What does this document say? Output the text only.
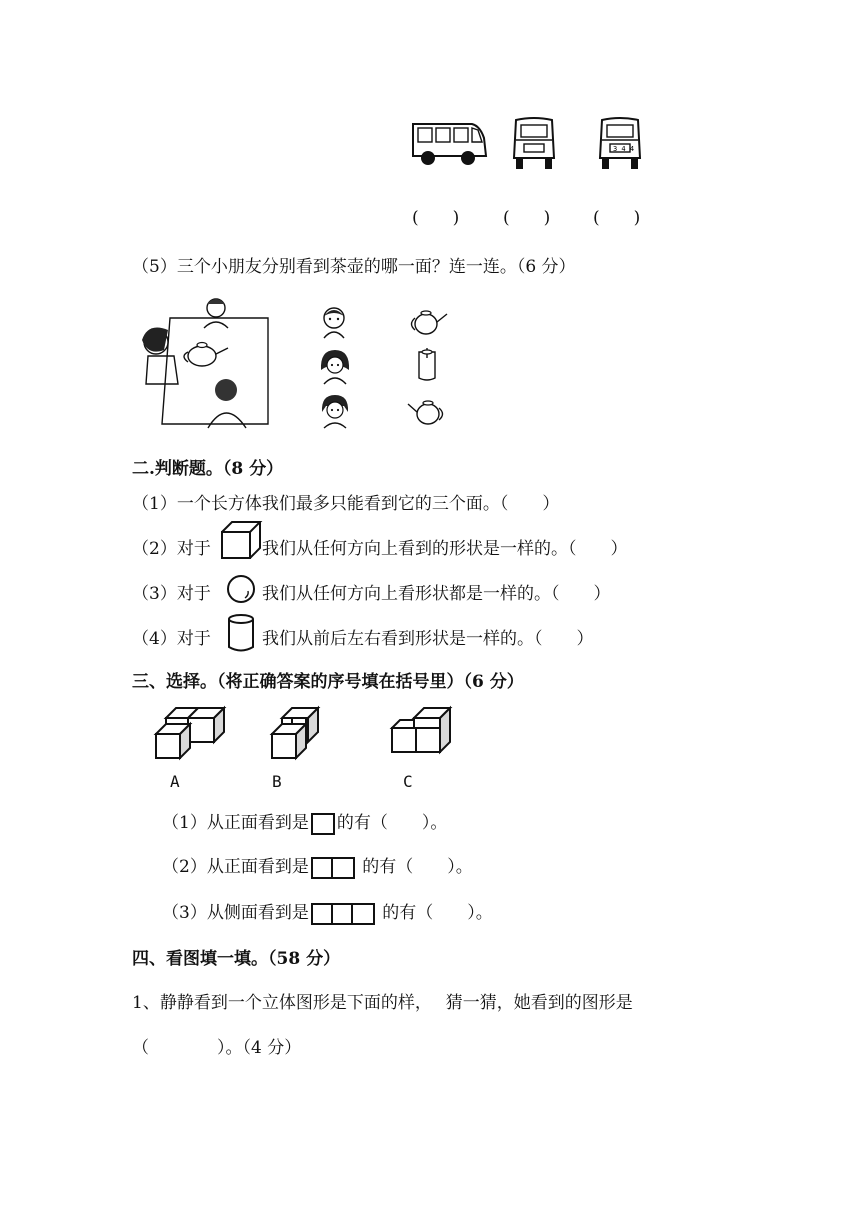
3 4 4
(　　)	(　　)	(　　)
（5）三个小朋友分别看到茶壶的哪一面？连一连。（6 分）
二.判断题。（8 分）
（1）一个长方体我们最多只能看到它的三个面。（　　）
（2）对于	我们从任何方向上看到的形状是一样的。（　　）
（3）对于	我们从任何方向上看形状都是一样的。（　　）
（4）对于	我们从前后左右看到形状是一样的。（　　）
三、选择。（将正确答案的序号填在括号里）（6 分）
A	B	C
（1）从正面看到是 的有（　　）。
（2）从正面看到是	的有（　　）。
（3）从侧面看到是	的有（　　）。
四、看图填一填。（58 分）
1、静静看到一个立体图形是下面的样，　 猜一猜，她看到的图形是
（　　　　）。（4 分）
